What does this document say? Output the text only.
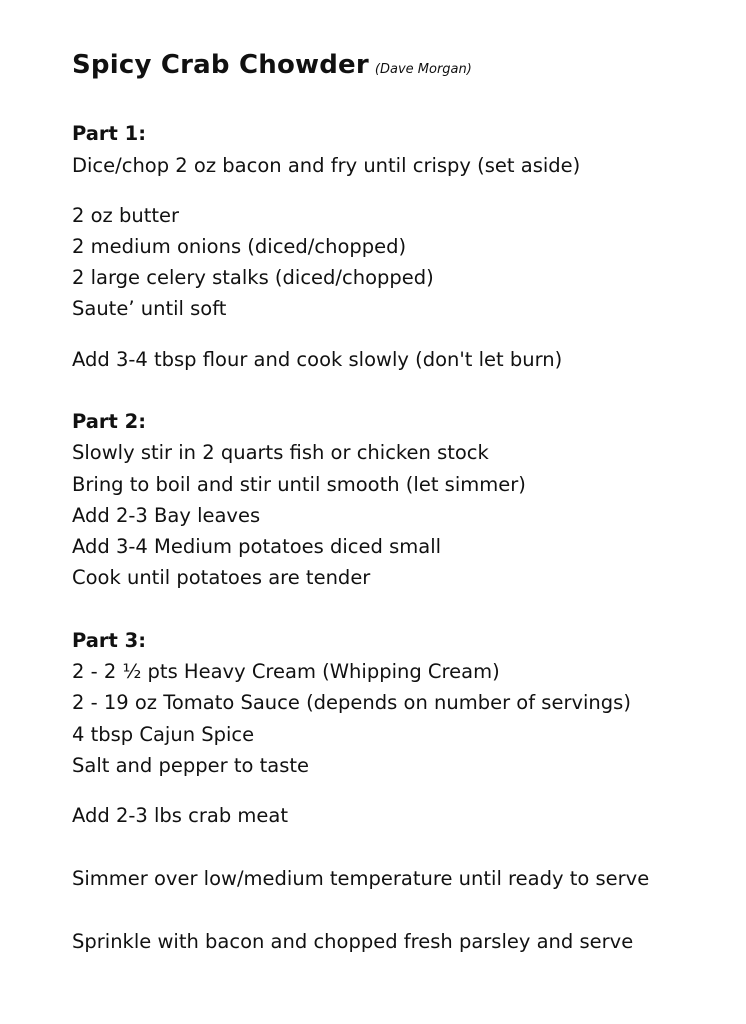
Spicy Crab Chowder (Dave Morgan)
Part 1:
Dice/chop 2 oz bacon and fry until crispy (set aside)
2 oz butter
2 medium onions (diced/chopped)
2 large celery stalks (diced/chopped)
Saute’ until soft
Add 3-4 tbsp flour and cook slowly (don't let burn)
Part 2:
Slowly stir in 2 quarts fish or chicken stock
Bring to boil and stir until smooth (let simmer)
Add 2-3 Bay leaves
Add 3-4 Medium potatoes diced small
Cook until potatoes are tender
Part 3:
2 - 2 ½ pts Heavy Cream (Whipping Cream)
2 - 19 oz Tomato Sauce (depends on number of servings)
4 tbsp Cajun Spice
Salt and pepper to taste
Add 2-3 lbs crab meat
Simmer over low/medium temperature until ready to serve
Sprinkle with bacon and chopped fresh parsley and serve
